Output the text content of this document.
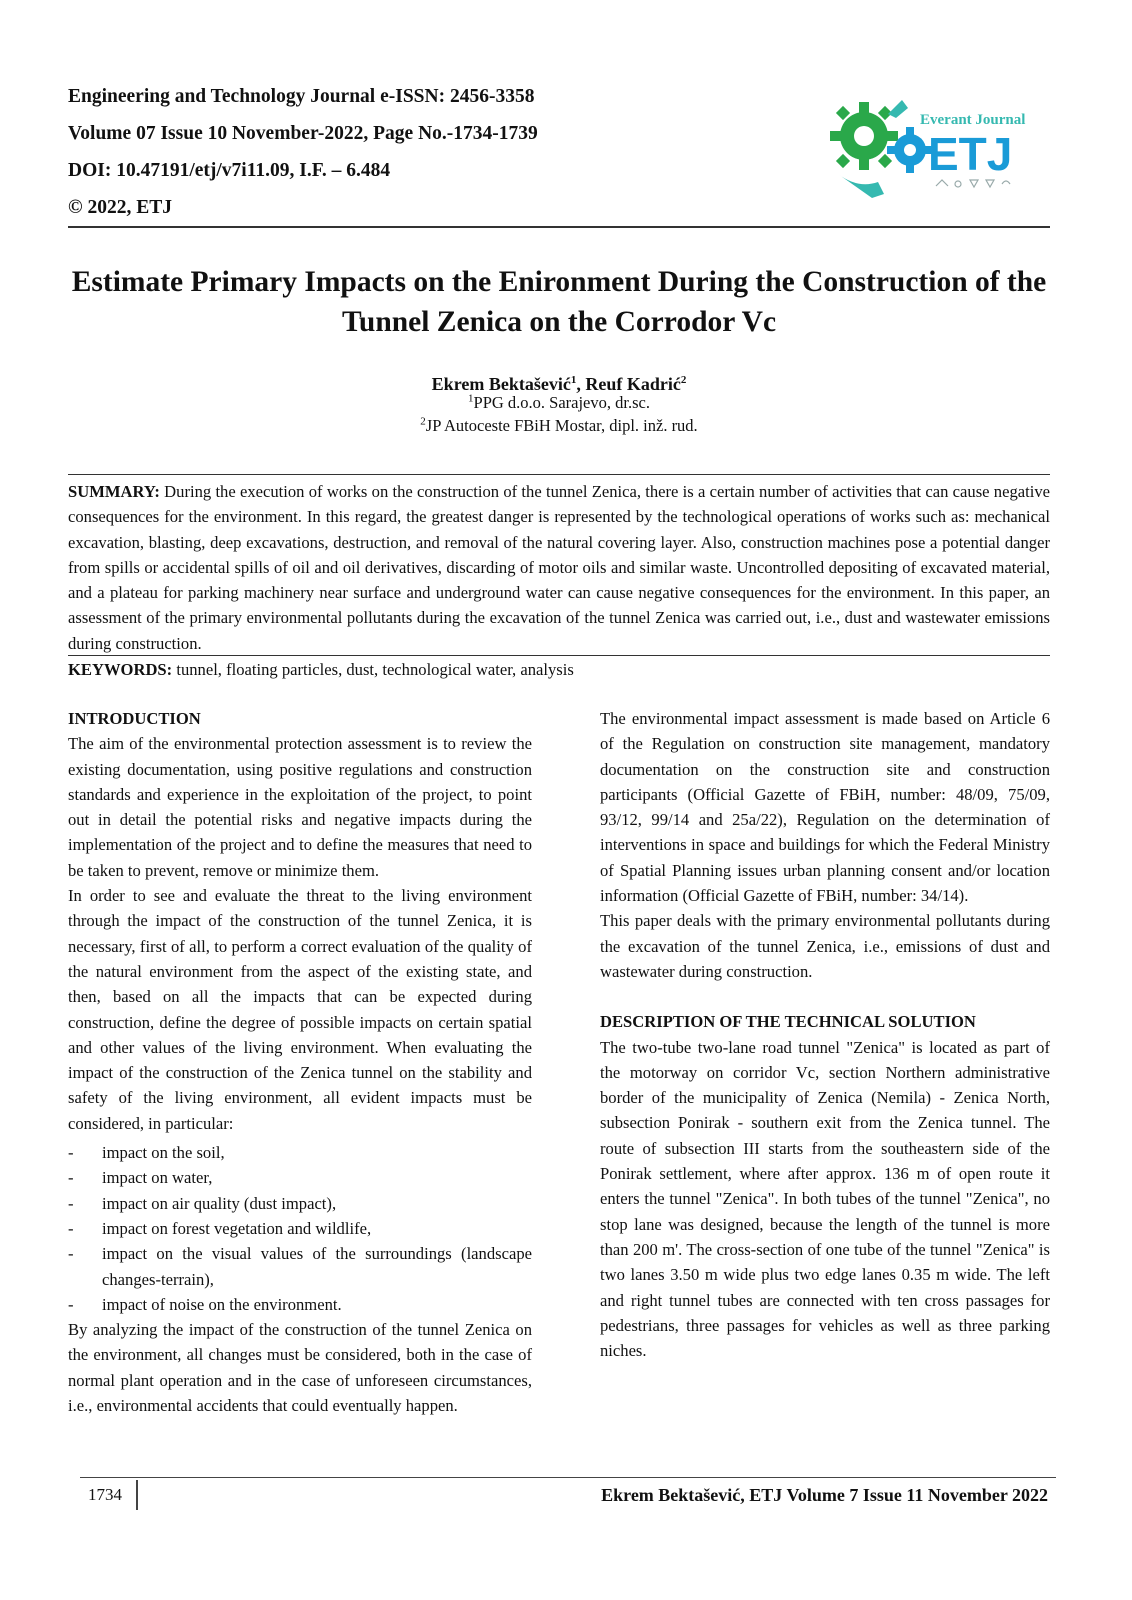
Engineering and Technology Journal e-ISSN: 2456-3358
Volume 07 Issue 10 November-2022, Page No.-1734-1739
DOI: 10.47191/etj/v7i11.09, I.F. – 6.484
© 2022, ETJ
Everant Journal
ETJ
Estimate Primary Impacts on the Enironment During the Construction of the Tunnel Zenica on the Corrodor Vc
Ekrem Bektašević$^1$, Reuf Kadrić$^2$
$^1$PPG d.o.o. Sarajevo, dr.sc.
$^2$JP Autoceste FBiH Mostar, dipl. inž. rud.
SUMMARY: During the execution of works on the construction of the tunnel Zenica, there is a certain number of activities that can cause negative consequences for the environment. In this regard, the greatest danger is represented by the technological operations of works such as: mechanical excavation, blasting, deep excavations, destruction, and removal of the natural covering layer. Also, construction machines pose a potential danger from spills or accidental spills of oil and oil derivatives, discarding of motor oils and similar waste. Uncontrolled depositing of excavated material, and a plateau for parking machinery near surface and underground water can cause negative consequences for the environment. In this paper, an assessment of the primary environmental pollutants during the excavation of the tunnel Zenica was carried out, i.e., dust and wastewater emissions during construction.
KEYWORDS: tunnel, floating particles, dust, technological water, analysis
INTRODUCTION

The aim of the environmental protection assessment is to review the existing documentation, using positive regulations and construction standards and experience in the exploitation of the project, to point out in detail the potential risks and negative impacts during the implementation of the project and to define the measures that need to be taken to prevent, remove or minimize them.

In order to see and evaluate the threat to the living environment through the impact of the construction of the tunnel Zenica, it is necessary, first of all, to perform a correct evaluation of the quality of the natural environment from the aspect of the existing state, and then, based on all the impacts that can be expected during construction, define the degree of possible impacts on certain spatial and other values of the living environment. When evaluating the impact of the construction of the Zenica tunnel on the stability and safety of the living environment, all evident impacts must be considered, in particular:

- impact on the soil,
- impact on water,
- impact on air quality (dust impact),
- impact on forest vegetation and wildlife,
- impact on the visual values of the surroundings (landscape changes-terrain),
- impact of noise on the environment.

By analyzing the impact of the construction of the tunnel Zenica on the environment, all changes must be considered, both in the case of normal plant operation and in the case of unforeseen circumstances, i.e., environmental accidents that could eventually happen.

The environmental impact assessment is made based on Article 6 of the Regulation on construction site management, mandatory documentation on the construction site and construction participants (Official Gazette of FBiH, number: 48/09, 75/09, 93/12, 99/14 and 25a/22), Regulation on the determination of interventions in space and buildings for which the Federal Ministry of Spatial Planning issues urban planning consent and/or location information (Official Gazette of FBiH, number: 34/14).

This paper deals with the primary environmental pollutants during the excavation of the tunnel Zenica, i.e., emissions of dust and wastewater during construction.

DESCRIPTION OF THE TECHNICAL SOLUTION

The two-tube two-lane road tunnel "Zenica" is located as part of the motorway on corridor Vc, section Northern administrative border of the municipality of Zenica (Nemila) - Zenica North, subsection Ponirak - southern exit from the Zenica tunnel. The route of subsection III starts from the southeastern side of the Ponirak settlement, where after approx. 136 m of open route it enters the tunnel "Zenica". In both tubes of the tunnel "Zenica", no stop lane was designed, because the length of the tunnel is more than 200 m'. The cross-section of one tube of the tunnel "Zenica" is two lanes 3.50 m wide plus two edge lanes 0.35 m wide. The left and right tunnel tubes are connected with ten cross passages for pedestrians, three passages for vehicles as well as three parking niches.

1734	Ekrem Bektašević, ETJ Volume 7 Issue 11 November 2022
